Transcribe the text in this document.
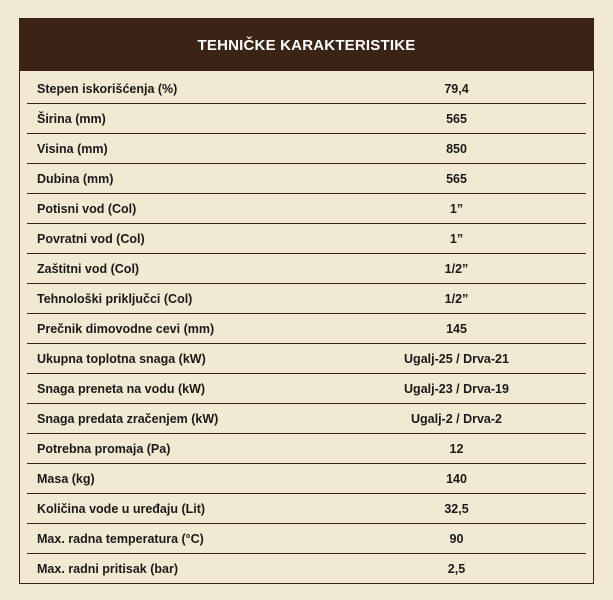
TEHNIČKE KARAKTERISTIKE
Stepen iskorišćenja (%)	79,4
Širina (mm)	565
Visina (mm)	850
Dubina (mm)	565
Potisni vod (Col)	1”
Povratni vod (Col)	1”
Zaštitni vod (Col)	1/2”
Tehnološki priključci (Col)	1/2”
Prečnik dimovodne cevi (mm)	145
Ukupna toplotna snaga (kW)	Ugalj-25 / Drva-21
Snaga preneta na vodu (kW)	Ugalj-23 / Drva-19
Snaga predata zračenjem (kW)	Ugalj-2 / Drva-2
Potrebna promaja (Pa)	12
Masa (kg)	140
Količina vode u uređaju (Lit)	32,5
Max. radna temperatura (°C)	90
Max. radni pritisak (bar)	2,5
